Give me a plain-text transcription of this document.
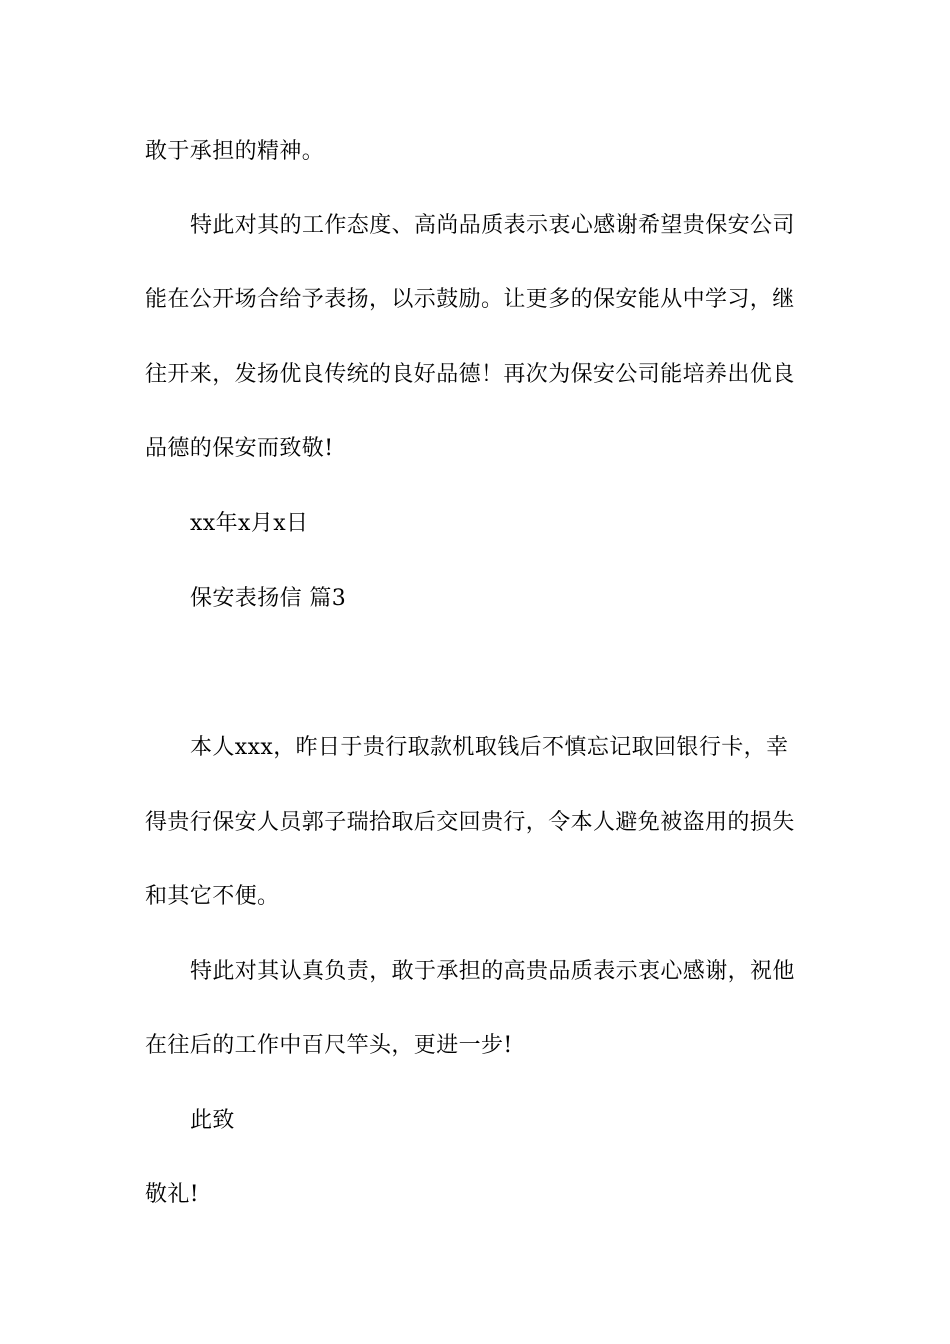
敢于承担的精神。
特此对其的工作态度、高尚品质表示衷心感谢希望贵保安公司
能在公开场合给予表扬，以示鼓励。让更多的保安能从中学习，继
往开来，发扬优良传统的良好品德！再次为保安公司能培养出优良
品德的保安而致敬!
xx年x月x日
保安表扬信 篇3
本人xxx，昨日于贵行取款机取钱后不慎忘记取回银行卡，幸
得贵行保安人员郭子瑞拾取后交回贵行，令本人避免被盗用的损失
和其它不便。
特此对其认真负责，敢于承担的高贵品质表示衷心感谢，祝他
在往后的工作中百尺竿头，更进一步!
此致
敬礼!
